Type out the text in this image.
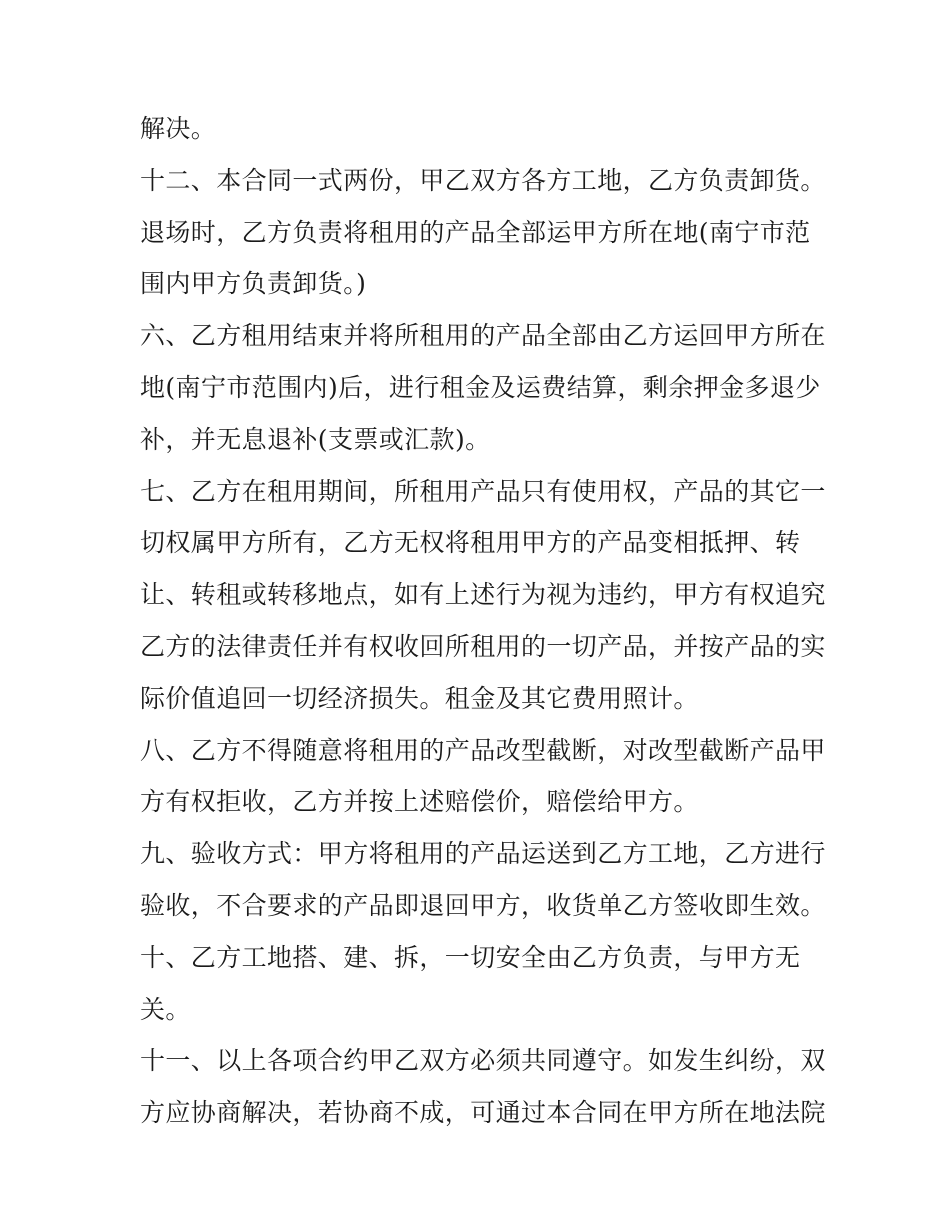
解决。
十二、本合同一式两份，甲乙双方各方工地，乙方负责卸货。
退场时，乙方负责将租用的产品全部运甲方所在地(南宁市范
围内甲方负责卸货。)
六、乙方租用结束并将所租用的产品全部由乙方运回甲方所在
地(南宁市范围内)后，进行租金及运费结算，剩余押金多退少
补，并无息退补(支票或汇款)。
七、乙方在租用期间，所租用产品只有使用权，产品的其它一
切权属甲方所有，乙方无权将租用甲方的产品变相抵押、转
让、转租或转移地点，如有上述行为视为违约，甲方有权追究
乙方的法律责任并有权收回所租用的一切产品，并按产品的实
际价值追回一切经济损失。租金及其它费用照计。
八、乙方不得随意将租用的产品改型截断，对改型截断产品甲
方有权拒收，乙方并按上述赔偿价，赔偿给甲方。
九、验收方式：甲方将租用的产品运送到乙方工地，乙方进行
验收，不合要求的产品即退回甲方，收货单乙方签收即生效。
十、乙方工地搭、建、拆，一切安全由乙方负责，与甲方无
关。
十一、以上各项合约甲乙双方必须共同遵守。如发生纠纷，双
方应协商解决，若协商不成，可通过本合同在甲方所在地法院
